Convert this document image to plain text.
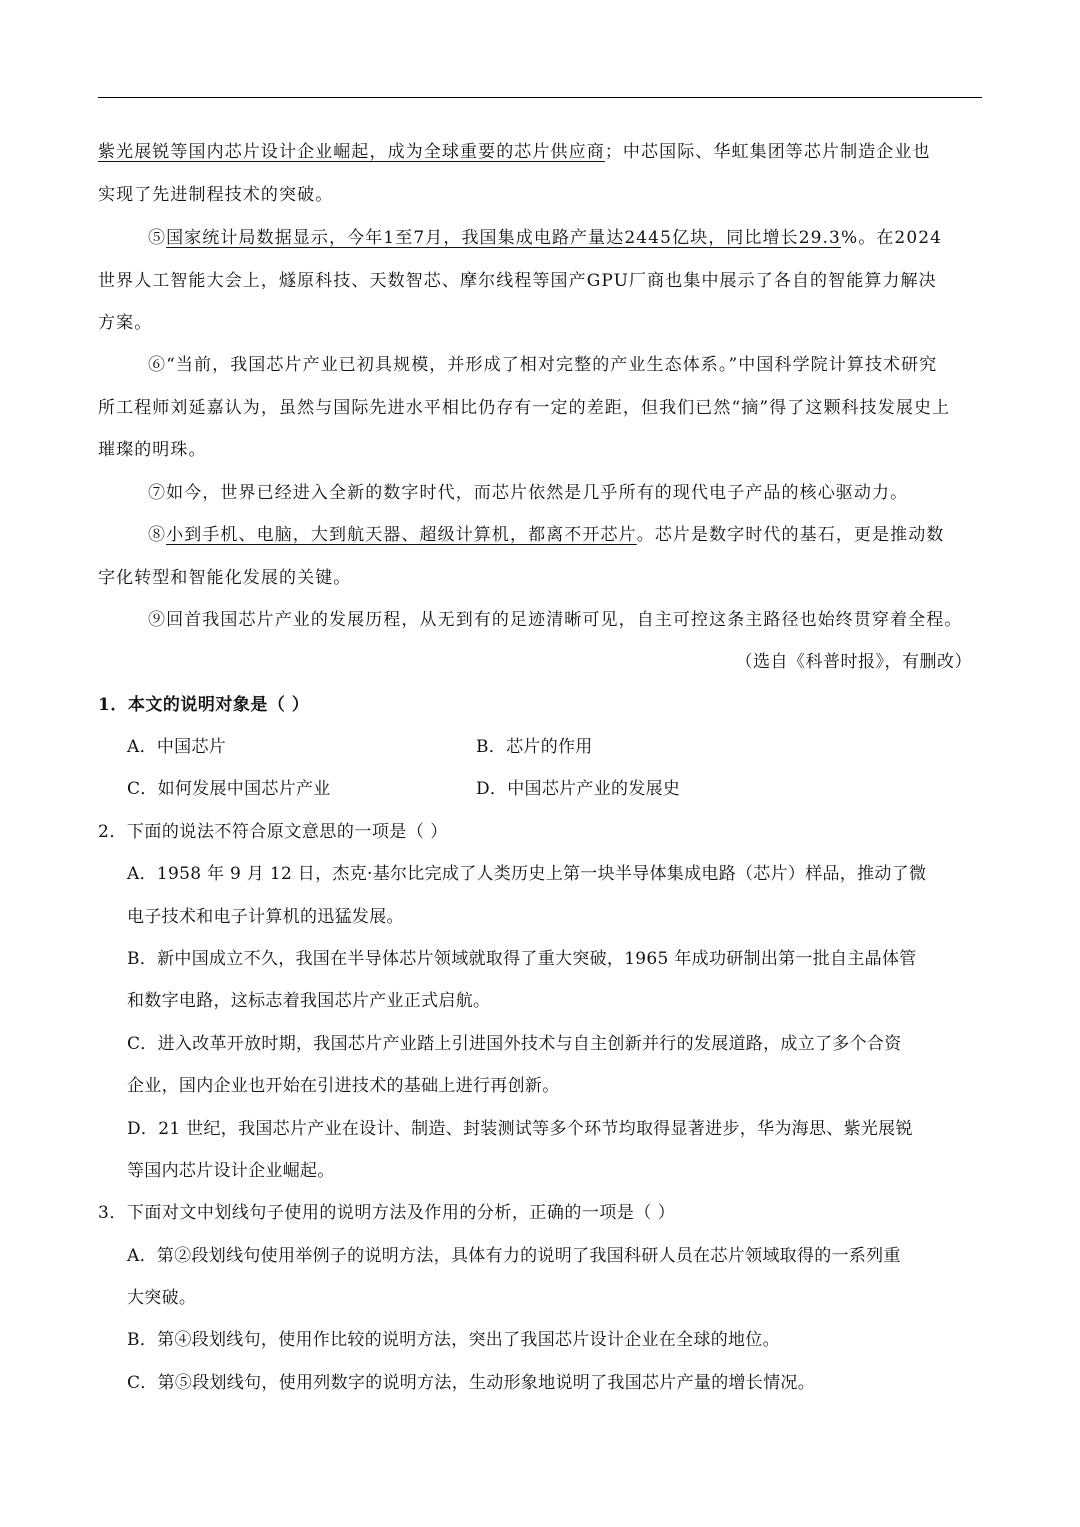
紫光展锐等国内芯片设计企业崛起，成为全球重要的芯片供应商；中芯国际、华虹集团等芯片制造企业也
实现了先进制程技术的突破。
⑤国家统计局数据显示，今年1至7月，我国集成电路产量达2445亿块，同比增长29.3%。在2024
世界人工智能大会上，燧原科技、天数智芯、摩尔线程等国产GPU厂商也集中展示了各自的智能算力解决
方案。
⑥“当前，我国芯片产业已初具规模，并形成了相对完整的产业生态体系。”中国科学院计算技术研究
所工程师刘延嘉认为，虽然与国际先进水平相比仍存有一定的差距，但我们已然“摘”得了这颗科技发展史上
璀璨的明珠。
⑦如今，世界已经进入全新的数字时代，而芯片依然是几乎所有的现代电子产品的核心驱动力。
⑧小到手机、电脑，大到航天器、超级计算机，都离不开芯片。芯片是数字时代的基石，更是推动数
字化转型和智能化发展的关键。
⑨回首我国芯片产业的发展历程，从无到有的足迹清晰可见，自主可控这条主路径也始终贯穿着全程。
（选自《科普时报》，有删改）
1．本文的说明对象是（ ）
A．中国芯片	B．芯片的作用
C．如何发展中国芯片产业	D．中国芯片产业的发展史
2．下面的说法不符合原文意思的一项是（ ）
A．1958 年 9 月 12 日，杰克·基尔比完成了人类历史上第一块半导体集成电路（芯片）样品，推动了微
电子技术和电子计算机的迅猛发展。
B．新中国成立不久，我国在半导体芯片领域就取得了重大突破，1965 年成功研制出第一批自主晶体管
和数字电路，这标志着我国芯片产业正式启航。
C．进入改革开放时期，我国芯片产业踏上引进国外技术与自主创新并行的发展道路，成立了多个合资
企业，国内企业也开始在引进技术的基础上进行再创新。
D．21 世纪，我国芯片产业在设计、制造、封装测试等多个环节均取得显著进步，华为海思、紫光展锐
等国内芯片设计企业崛起。
3．下面对文中划线句子使用的说明方法及作用的分析，正确的一项是（ ）
A．第②段划线句使用举例子的说明方法，具体有力的说明了我国科研人员在芯片领域取得的一系列重
大突破。
B．第④段划线句，使用作比较的说明方法，突出了我国芯片设计企业在全球的地位。
C．第⑤段划线句，使用列数字的说明方法，生动形象地说明了我国芯片产量的增长情况。
